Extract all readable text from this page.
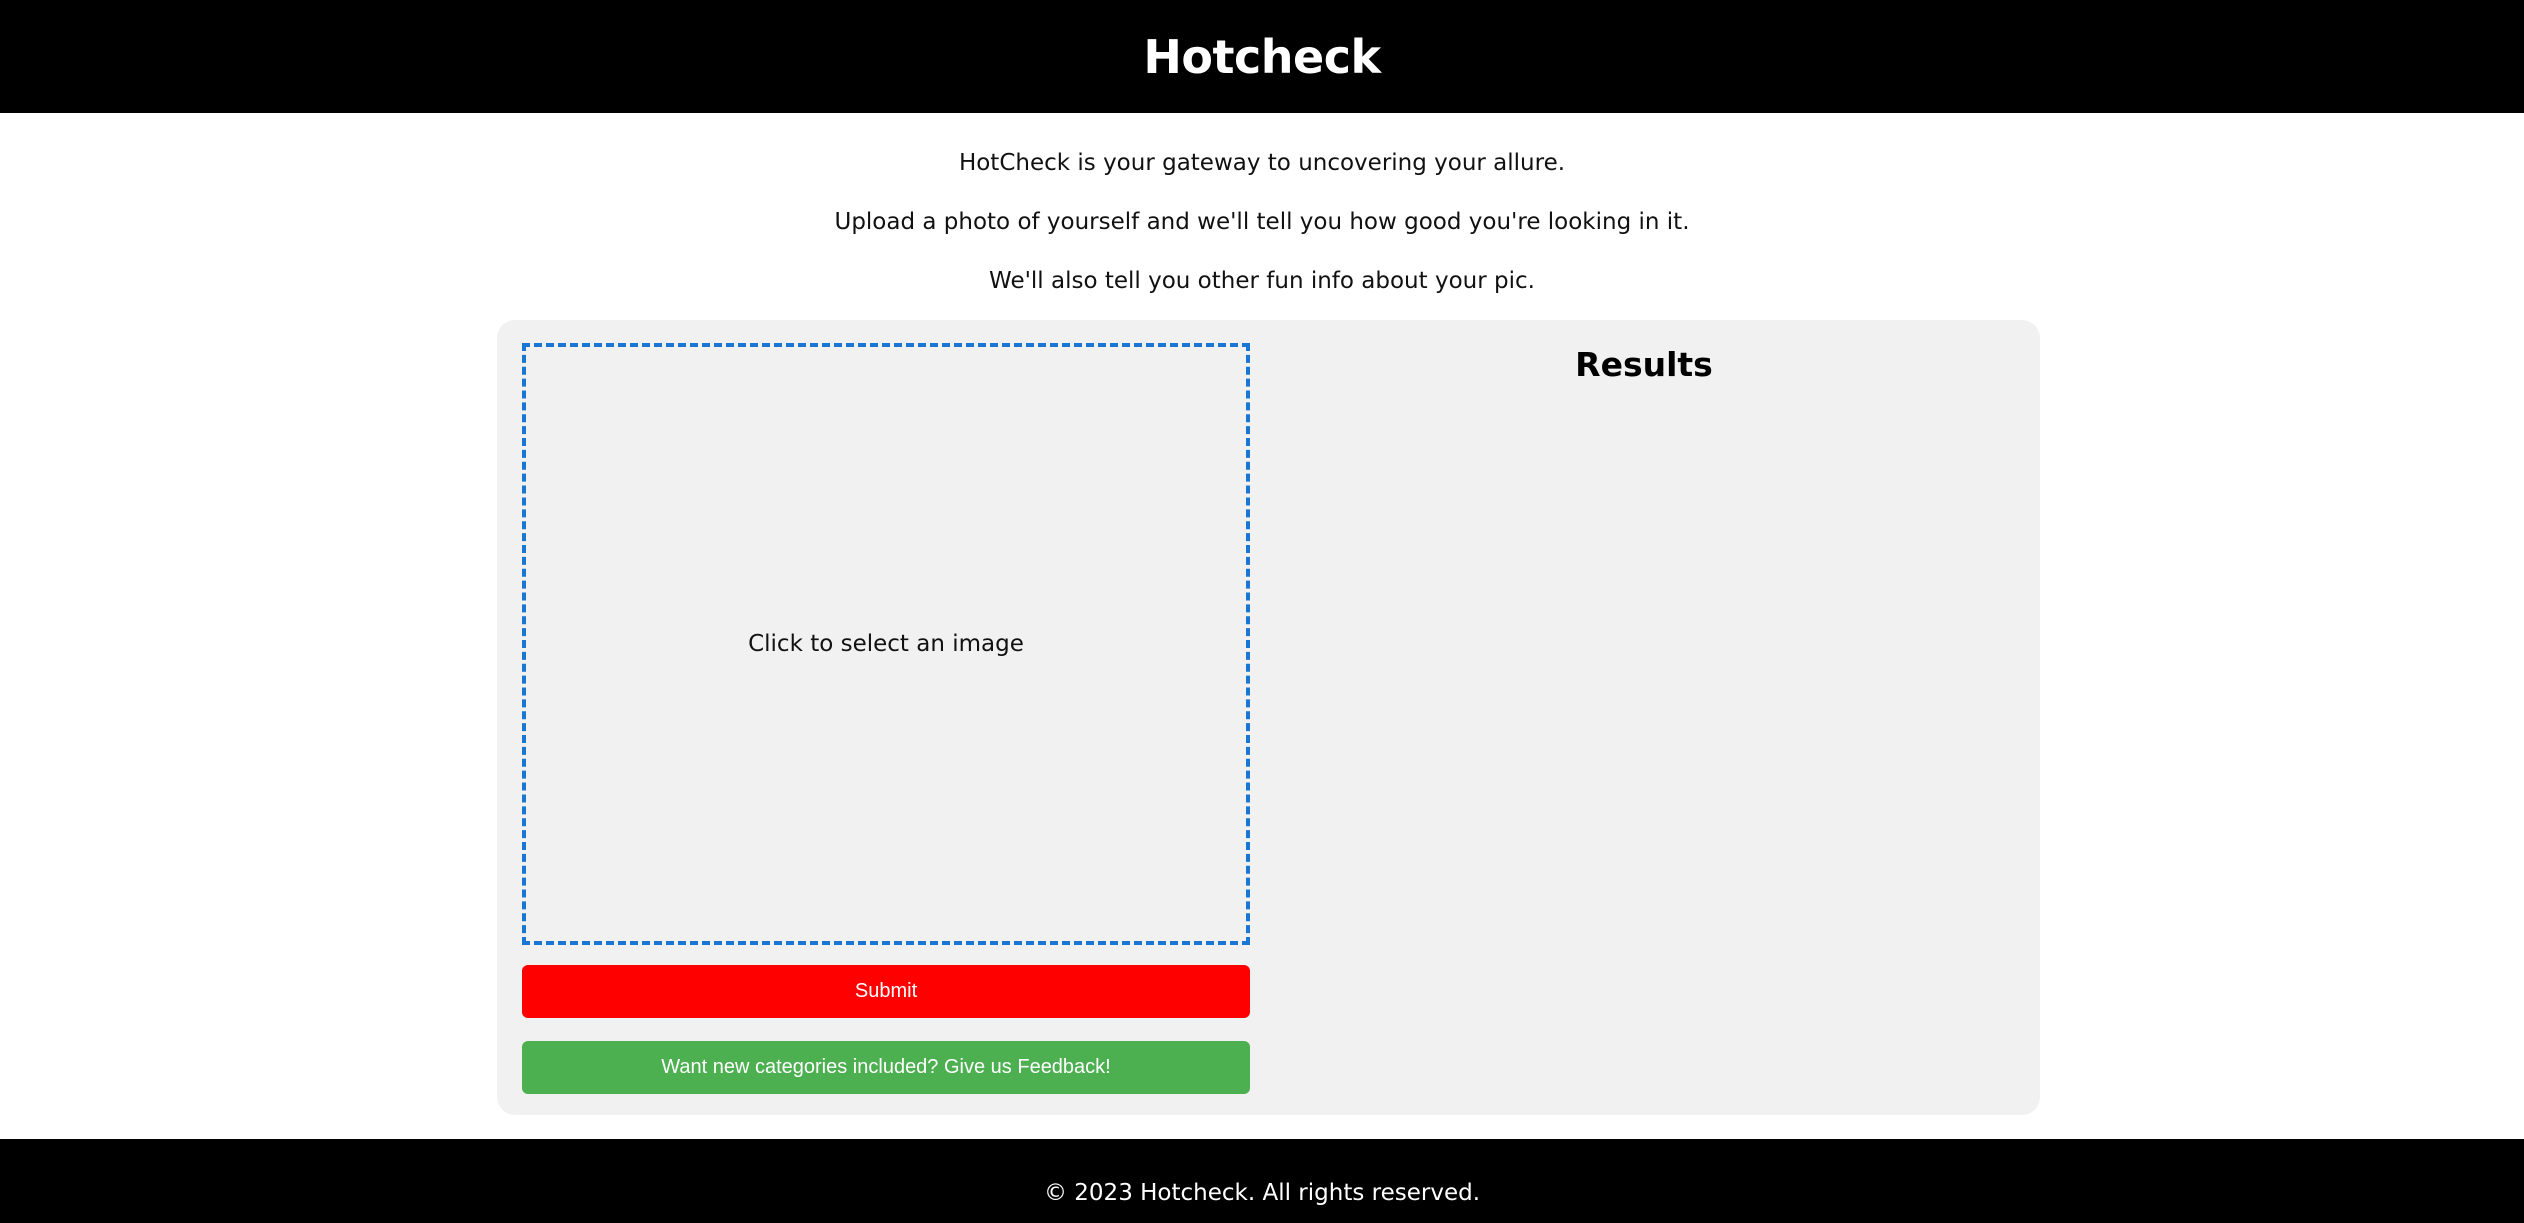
Hotcheck
HotCheck is your gateway to uncovering your allure.
Upload a photo of yourself and we'll tell you how good you're looking in it.
We'll also tell you other fun info about your pic.
Click to select an image
Submit
Want new categories included? Give us Feedback!
Results
© 2023 Hotcheck. All rights reserved.
